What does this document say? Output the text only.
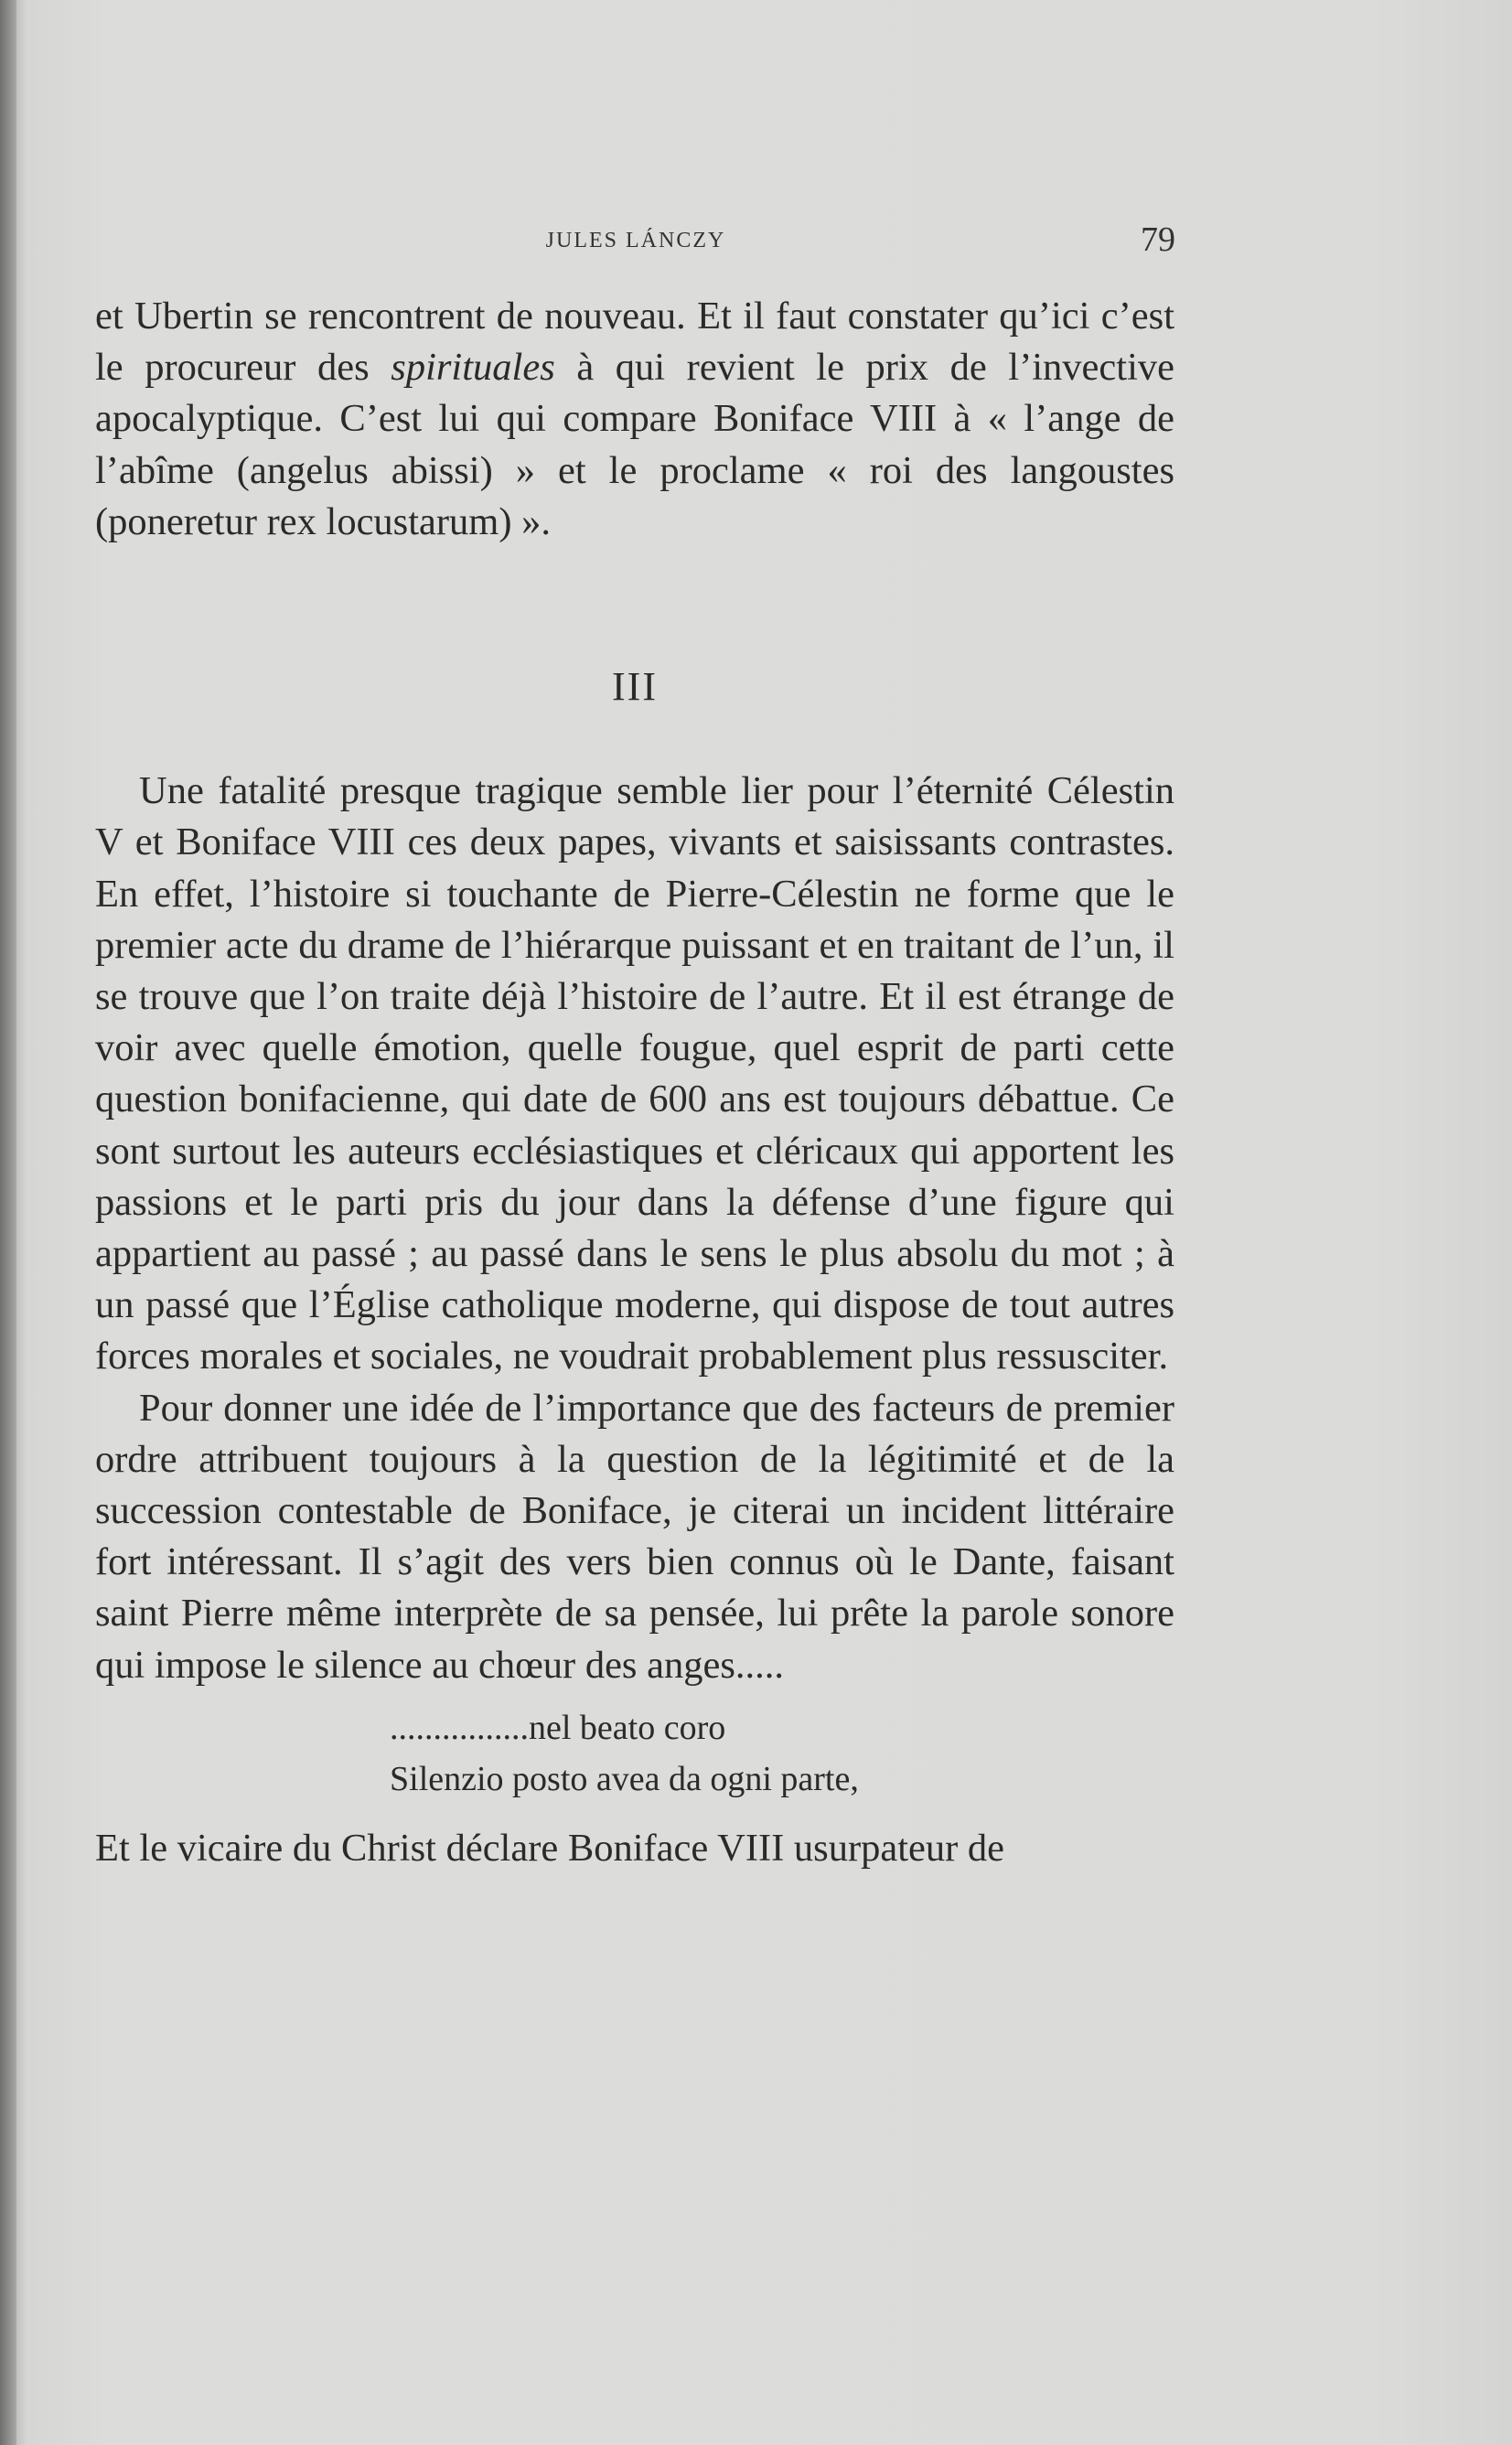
JULES LÁNCZY	79

et Ubertin se rencontrent de nouveau. Et il faut constater qu’ici c’est le procureur des spirituales à qui revient le prix de l’invective apocalyptique. C’est lui qui compare Boniface VIII à « l’ange de l’abîme (angelus abissi) » et le proclame « roi des langoustes (poneretur rex locustarum) ».

III

Une fatalité presque tragique semble lier pour l’éternité Célestin V et Boniface VIII ces deux papes, vivants et saisissants contrastes. En effet, l’histoire si touchante de Pierre-Célestin ne forme que le premier acte du drame de l’hiérarque puissant et en traitant de l’un, il se trouve que l’on traite déjà l’histoire de l’autre. Et il est étrange de voir avec quelle émotion, quelle fougue, quel esprit de parti cette question bonifacienne, qui date de 600 ans est toujours débattue. Ce sont surtout les auteurs ecclésiastiques et cléricaux qui apportent les passions et le parti pris du jour dans la défense d’une figure qui appartient au passé ; au passé dans le sens le plus absolu du mot ; à un passé que l’Église catholique moderne, qui dispose de tout autres forces morales et sociales, ne voudrait probablement plus ressusciter.

Pour donner une idée de l’importance que des facteurs de premier ordre attribuent toujours à la question de la légitimité et de la succession contestable de Boniface, je citerai un incident littéraire fort intéressant. Il s’agit des vers bien connus où le Dante, faisant saint Pierre même interprète de sa pensée, lui prête la parole sonore qui impose le silence au chœur des anges.....

................nel beato coro
Silenzio posto avea da ogni parte,

Et le vicaire du Christ déclare Boniface VIII usurpateur de
